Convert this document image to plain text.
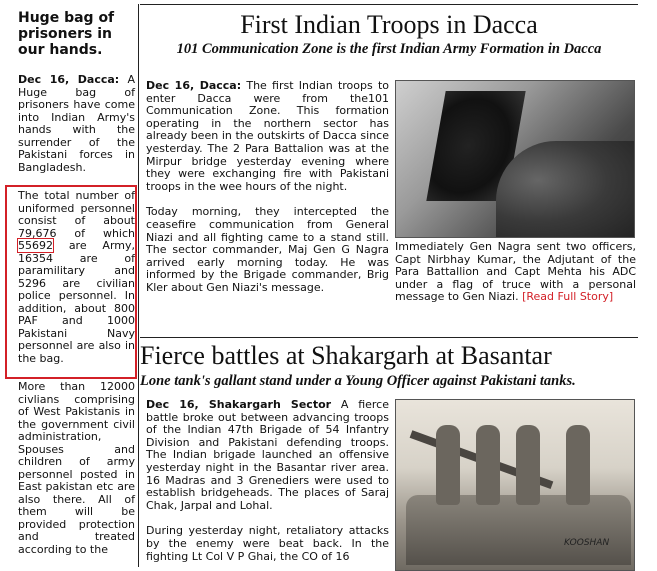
Huge bag of prisoners in our hands.

Dec 16, Dacca: A Huge bag of prisoners have come into Indian Army's hands with the surrender of the Pakistani forces in Bangladesh.

The total number of uniformed personnel consist of about 79,676 of which 55692 are Army, 16354 are of paramilitary and 5296 are civilian police personnel. In addition, about 800 PAF and 1000 Pakistani Navy personnel are also in the bag.

More than 12000 civlians comprising of West Pakistanis in the government civil administration, Spouses and children of army personnel posted in East pakistan etc are also there. All of them will be provided protection and treated according to the

First Indian Troops in Dacca
101 Communication Zone is the first Indian Army Formation in Dacca

Dec 16, Dacca: The first Indian troops to enter Dacca were from the101 Communication Zone. This formation operating in the northern sector has already been in the outskirts of Dacca since yesterday. The 2 Para Battalion was at the Mirpur bridge yesterday evening where they were exchanging fire with Pakistani troops in the wee hours of the night.

Today morning, they intercepted the ceasefire communication from General Niazi and all fighting came to a stand still. The sector commander, Maj Gen G Nagra arrived early morning today. He was informed by the Brigade commander, Brig Kler about Gen Niazi's message.

Immediately Gen Nagra sent two officers, Capt Nirbhay Kumar, the Adjutant of the Para Battallion and Capt Mehta his ADC under a flag of truce with a personal message to Gen Niazi. [Read Full Story]

Fierce battles at Shakargarh at Basantar
Lone tank's gallant stand under a Young Officer against Pakistani tanks.

Dec 16, Shakargarh Sector A fierce battle broke out between advancing troops of the Indian 47th Brigade of 54 Infantry Division and Pakistani defending troops. The Indian brigade launched an offensive yesterday night in the Basantar river area. 16 Madras and 3 Grenediers were used to establish bridgeheads. The places of Saraj Chak, Jarpal and Lohal.

During yesterday night, retaliatory attacks by the enemy were beat back. In the fighting Lt Col V P Ghai, the CO of 16

KOOSHAN
